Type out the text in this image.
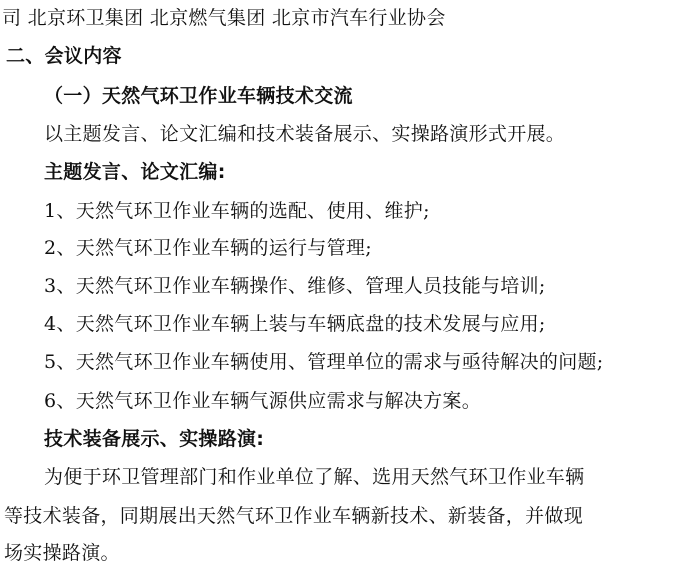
司 北京环卫集团 北京燃气集团 北京市汽车行业协会
二、会议内容
（一）天然气环卫作业车辆技术交流
以主题发言、论文汇编和技术装备展示、实操路演形式开展。
主题发言、论文汇编:
1、天然气环卫作业车辆的选配、使用、维护;
2、天然气环卫作业车辆的运行与管理;
3、天然气环卫作业车辆操作、维修、管理人员技能与培训;
4、天然气环卫作业车辆上装与车辆底盘的技术发展与应用;
5、天然气环卫作业车辆使用、管理单位的需求与亟待解决的问题;
6、天然气环卫作业车辆气源供应需求与解决方案。
技术装备展示、实操路演:
为便于环卫管理部门和作业单位了解、选用天然气环卫作业车辆
等技术装备，同期展出天然气环卫作业车辆新技术、新装备，并做现
场实操路演。
